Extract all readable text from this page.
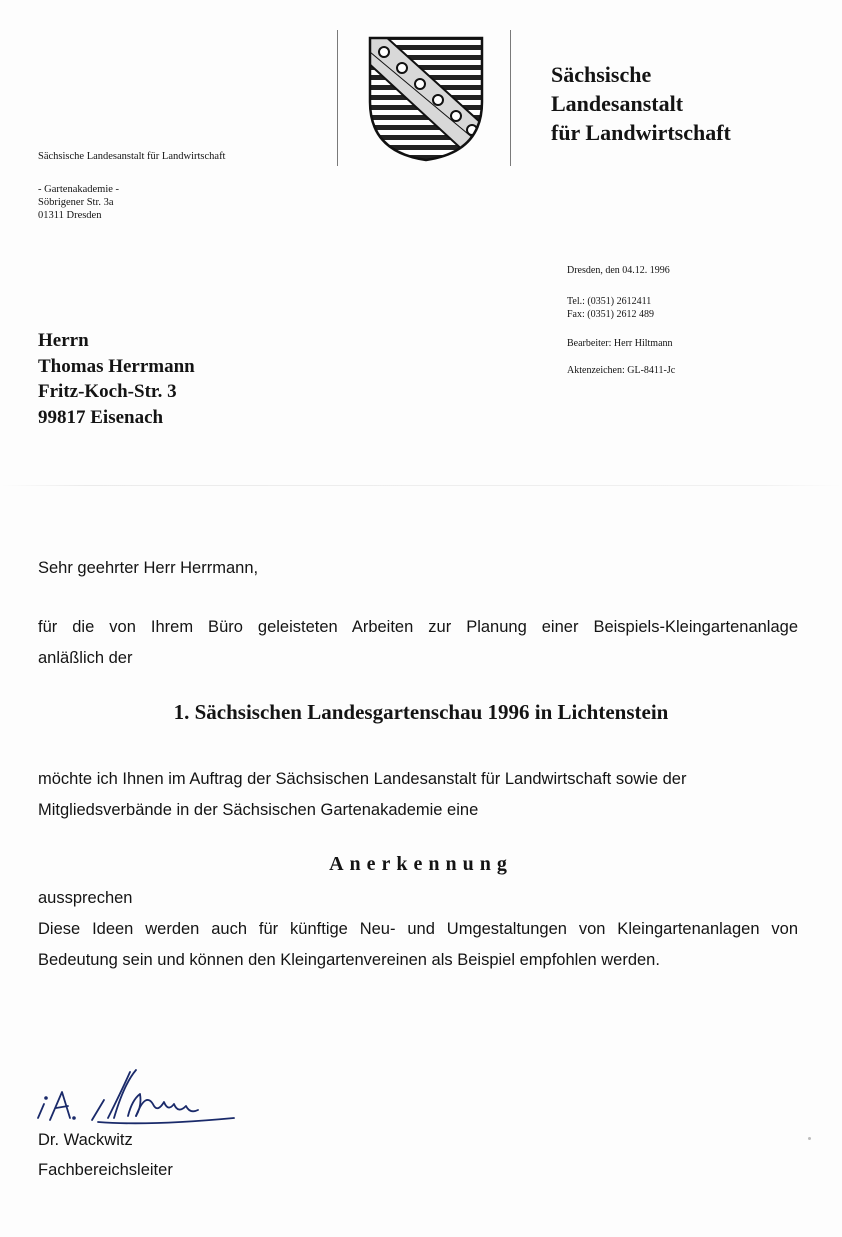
Sächsische
Landesanstalt
für Landwirtschaft
Sächsische Landesanstalt für Landwirtschaft
- Gartenakademie -
Söbrigener Str. 3a
01311 Dresden
Dresden, den 04.12. 1996
Tel.: (0351) 2612411
Fax: (0351) 2612 489
Bearbeiter: Herr Hiltmann
Aktenzeichen: GL-8411-Jc
Herrn
Thomas Herrmann
Fritz-Koch-Str. 3
99817 Eisenach
Sehr geehrter Herr Herrmann,
für die von Ihrem Büro geleisteten Arbeiten zur Planung einer Beispiels-Kleingartenanlage
anläßlich der
1. Sächsischen Landesgartenschau 1996 in Lichtenstein
möchte ich Ihnen im Auftrag der Sächsischen Landesanstalt für Landwirtschaft sowie der
Mitgliedsverbände in der Sächsischen Gartenakademie eine
Anerkennung
aussprechen
Diese Ideen werden auch für künftige Neu- und Umgestaltungen von Kleingartenanlagen von
Bedeutung sein und können den Kleingartenvereinen als Beispiel empfohlen werden.
Dr. Wackwitz
Fachbereichsleiter
